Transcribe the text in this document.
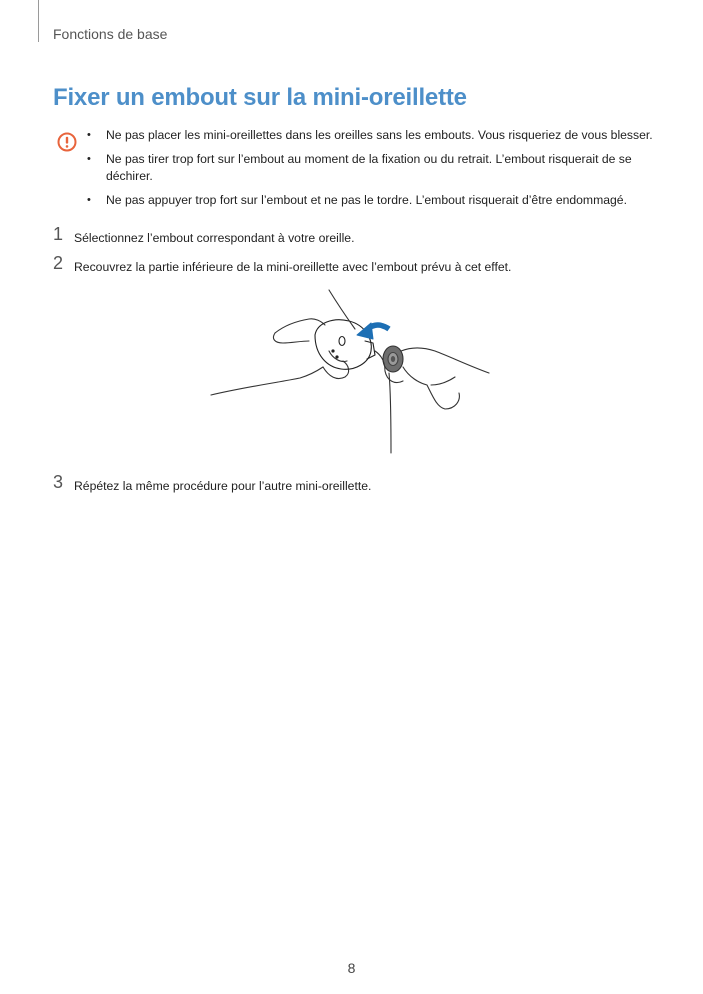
Fonctions de base
Fixer un embout sur la mini-oreillette
• Ne pas placer les mini-oreillettes dans les oreilles sans les embouts. Vous risqueriez de vous blesser.
• Ne pas tirer trop fort sur l’embout au moment de la fixation ou du retrait. L’embout risquerait de se déchirer.
• Ne pas appuyer trop fort sur l’embout et ne pas le tordre. L’embout risquerait d’être endommagé.
1 Sélectionnez l’embout correspondant à votre oreille.
2 Recouvrez la partie inférieure de la mini-oreillette avec l’embout prévu à cet effet.
3 Répétez la même procédure pour l’autre mini-oreillette.
8
